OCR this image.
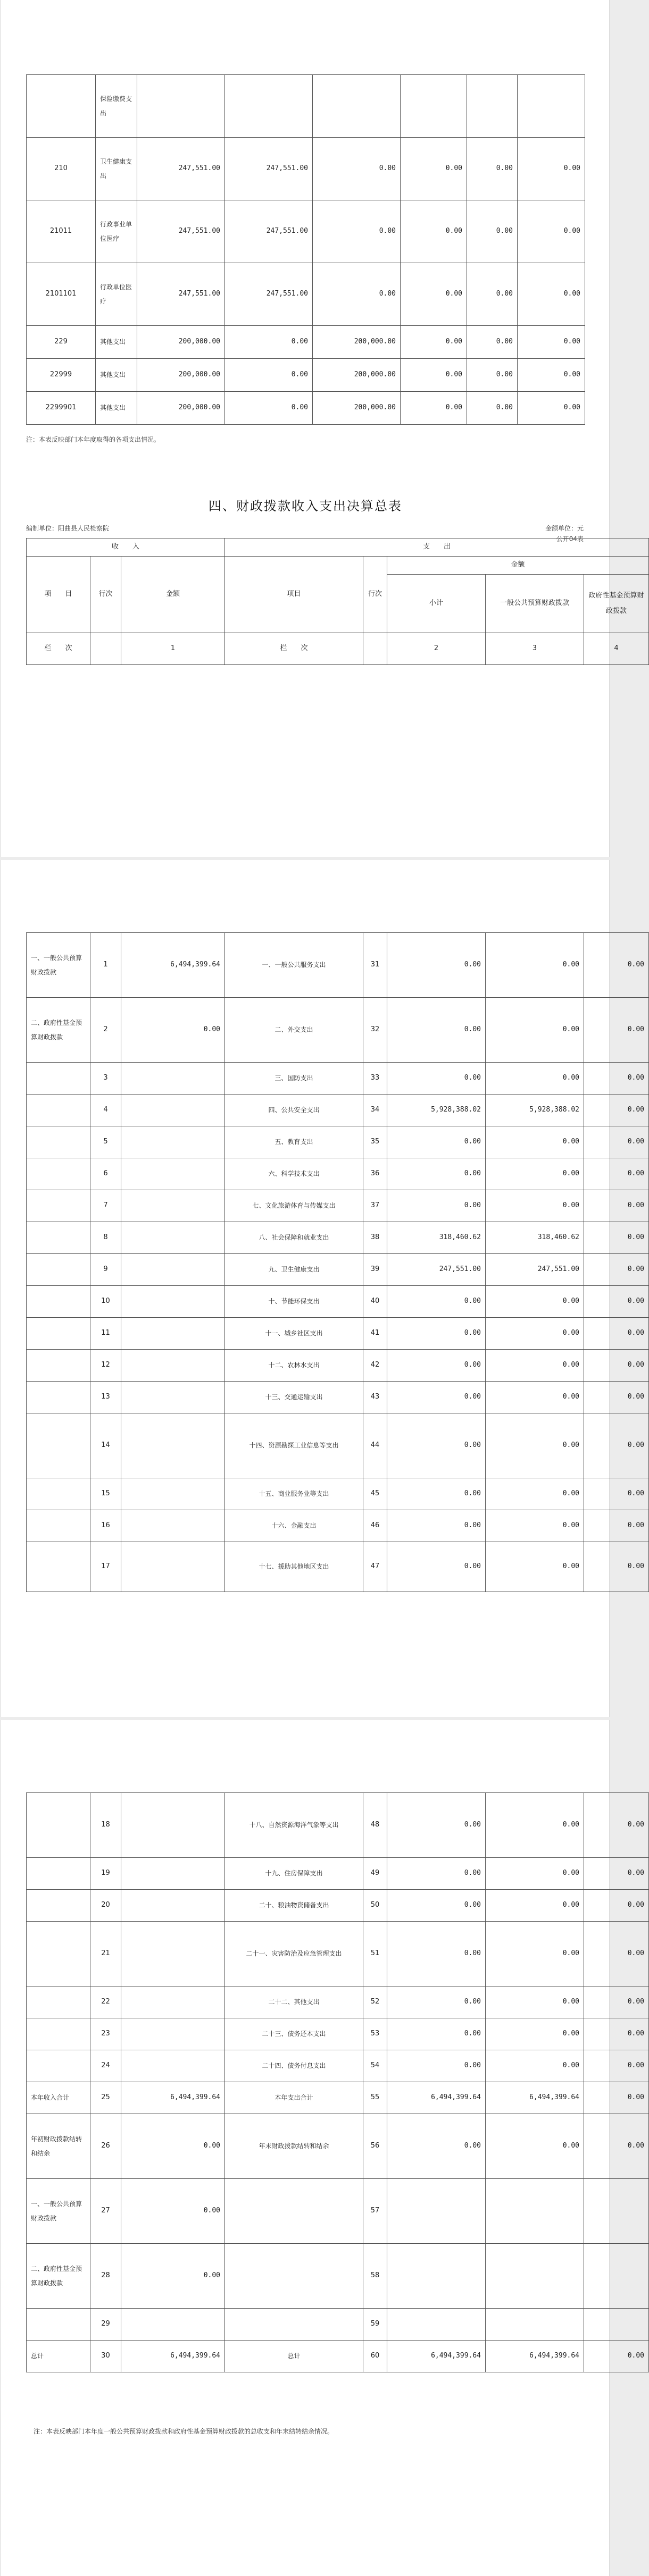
	保险缴费支出						
210	卫生健康支出	247,551.00	247,551.00	0.00	0.00	0.00	0.00
21011	行政事业单位医疗	247,551.00	247,551.00	0.00	0.00	0.00	0.00
2101101	行政单位医疗	247,551.00	247,551.00	0.00	0.00	0.00	0.00
229	其他支出	200,000.00	0.00	200,000.00	0.00	0.00	0.00
22999	其他支出	200,000.00	0.00	200,000.00	0.00	0.00	0.00
2299901	其他支出	200,000.00	0.00	200,000.00	0.00	0.00	0.00
注：本表反映部门本年度取得的各项支出情况。
四、财政拨款收入支出决算总表
公开04表
编制单位：阳曲县人民检察院	金额单位：元
收　　入			支　　出				
项　　目	行次	金额	项目	行次	金额		
					小计	一般公共预算财政拨款	政府性基金预算财政拨款
栏　　次		1	栏　　次		2	3	4
一、一般公共预算财政拨款	1	6,494,399.64	一、一般公共服务支出	31	0.00	0.00	0.00
二、政府性基金预算财政拨款	2	0.00	二、外交支出	32	0.00	0.00	0.00
	3		三、国防支出	33	0.00	0.00	0.00
	4		四、公共安全支出	34	5,928,388.02	5,928,388.02	0.00
	5		五、教育支出	35	0.00	0.00	0.00
	6		六、科学技术支出	36	0.00	0.00	0.00
	7		七、文化旅游体育与传媒支出	37	0.00	0.00	0.00
	8		八、社会保障和就业支出	38	318,460.62	318,460.62	0.00
	9		九、卫生健康支出	39	247,551.00	247,551.00	0.00
	10		十、节能环保支出	40	0.00	0.00	0.00
	11		十一、城乡社区支出	41	0.00	0.00	0.00
	12		十二、农林水支出	42	0.00	0.00	0.00
	13		十三、交通运输支出	43	0.00	0.00	0.00
	14		十四、资源勘探工业信息等支出	44	0.00	0.00	0.00
	15		十五、商业服务业等支出	45	0.00	0.00	0.00
	16		十六、金融支出	46	0.00	0.00	0.00
	17		十七、援助其他地区支出	47	0.00	0.00	0.00
	18		十八、自然资源海洋气象等支出	48	0.00	0.00	0.00
	19		十九、住房保障支出	49	0.00	0.00	0.00
	20		二十、粮油物资储备支出	50	0.00	0.00	0.00
	21		二十一、灾害防治及应急管理支出	51	0.00	0.00	0.00
	22		二十二、其他支出	52	0.00	0.00	0.00
	23		二十三、债务还本支出	53	0.00	0.00	0.00
	24		二十四、债务付息支出	54	0.00	0.00	0.00
本年收入合计	25	6,494,399.64	本年支出合计	55	6,494,399.64	6,494,399.64	0.00
年初财政拨款结转和结余	26	0.00	年末财政拨款结转和结余	56	0.00	0.00	0.00
一、一般公共预算财政拨款	27	0.00		57			
二、政府性基金预算财政拨款	28	0.00		58			
	29			59			
总计	30	6,494,399.64	总计	60	6,494,399.64	6,494,399.64	0.00
注：本表反映部门本年度一般公共预算财政拨款和政府性基金预算财政拨款的总收支和年末结转结余情况。
